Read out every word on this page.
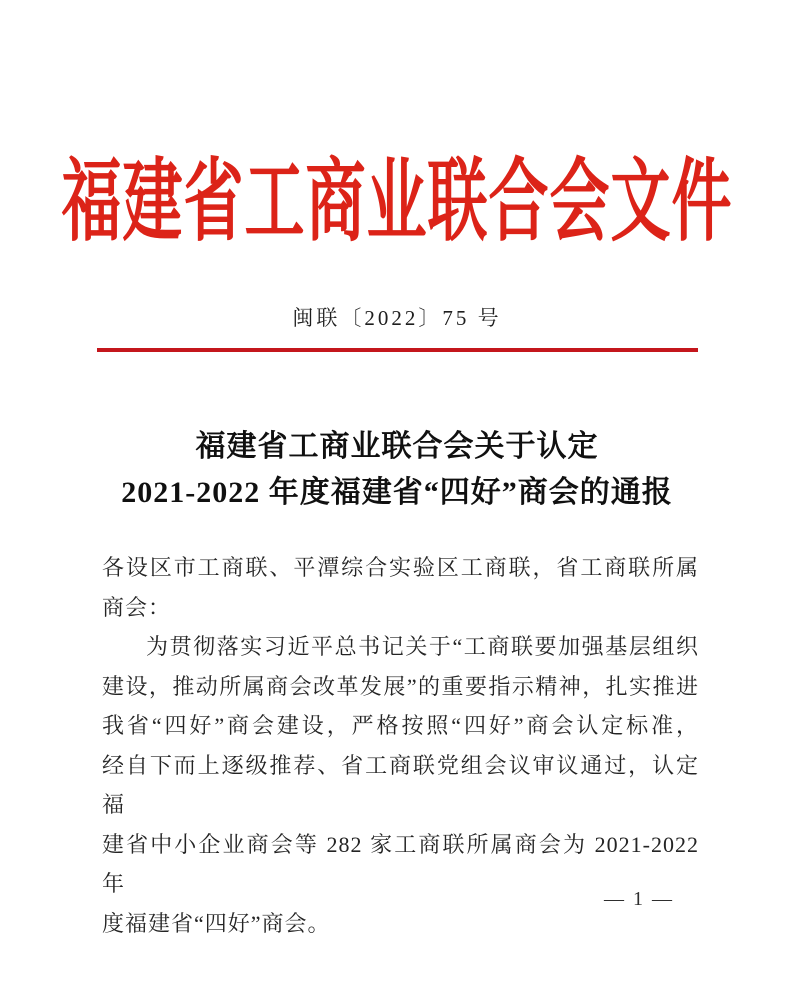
福建省工商业联合会文件
闽联〔2022〕75 号
福建省工商业联合会关于认定
2021-2022 年度福建省“四好”商会的通报
各设区市工商联、平潭综合实验区工商联，省工商联所属
商会：
为贯彻落实习近平总书记关于“工商联要加强基层组织
建设，推动所属商会改革发展”的重要指示精神，扎实推进
我省“四好”商会建设，严格按照“四好”商会认定标准，
经自下而上逐级推荐、省工商联党组会议审议通过，认定福
建省中小企业商会等 282 家工商联所属商会为 2021-2022 年
度福建省“四好”商会。
— 1 —
